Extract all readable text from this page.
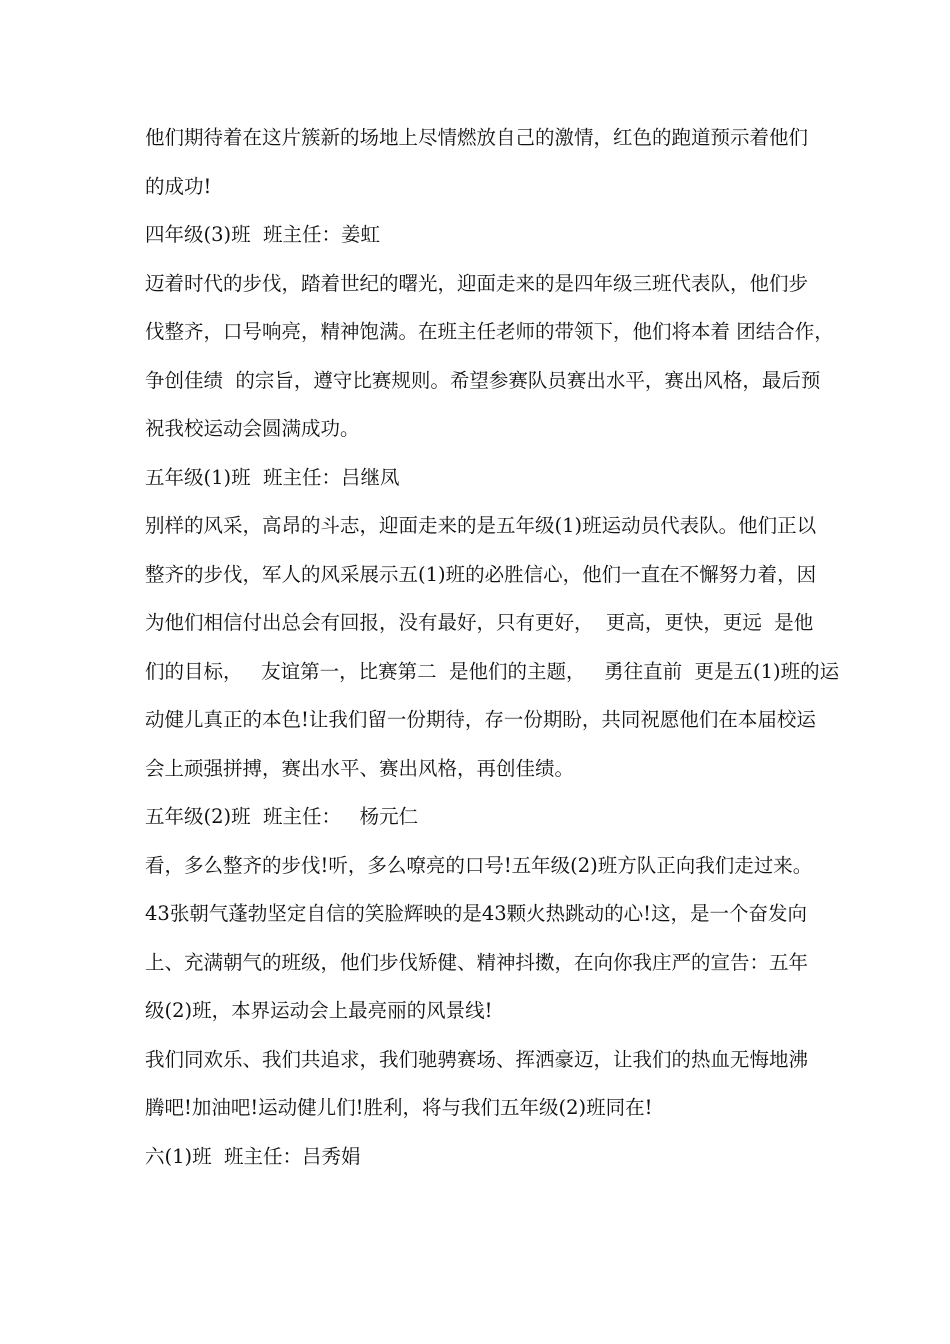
他们期待着在这片簇新的场地上尽情燃放自己的激情，红色的跑道预示着他们
的成功!
四年级(3)班  班主任：姜虹
迈着时代的步伐，踏着世纪的曙光，迎面走来的是四年级三班代表队，他们步
伐整齐，口号响亮，精神饱满。在班主任老师的带领下，他们将本着 团结合作，
争创佳绩  的宗旨，遵守比赛规则。希望参赛队员赛出水平，赛出风格，最后预
祝我校运动会圆满成功。
五年级(1)班  班主任：吕继凤
别样的风采，高昂的斗志，迎面走来的是五年级(1)班运动员代表队。他们正以
整齐的步伐，军人的风采展示五(1)班的必胜信心，他们一直在不懈努力着，因
为他们相信付出总会有回报，没有最好，只有更好，  更高，更快，更远  是他
们的目标，   友谊第一，比赛第二  是他们的主题，   勇往直前  更是五(1)班的运
动健儿真正的本色!让我们留一份期待，存一份期盼，共同祝愿他们在本届校运
会上顽强拼搏，赛出水平、赛出风格，再创佳绩。
五年级(2)班  班主任：   杨元仁
看，多么整齐的步伐!听，多么嘹亮的口号!五年级(2)班方队正向我们走过来。
43张朝气蓬勃坚定自信的笑脸辉映的是43颗火热跳动的心!这，是一个奋发向
上、充满朝气的班级，他们步伐矫健、精神抖擞，在向你我庄严的宣告：五年
级(2)班，本界运动会上最亮丽的风景线!
我们同欢乐、我们共追求，我们驰骋赛场、挥洒豪迈，让我们的热血无悔地沸
腾吧!加油吧!运动健儿们!胜利，将与我们五年级(2)班同在!
六(1)班  班主任：吕秀娟
